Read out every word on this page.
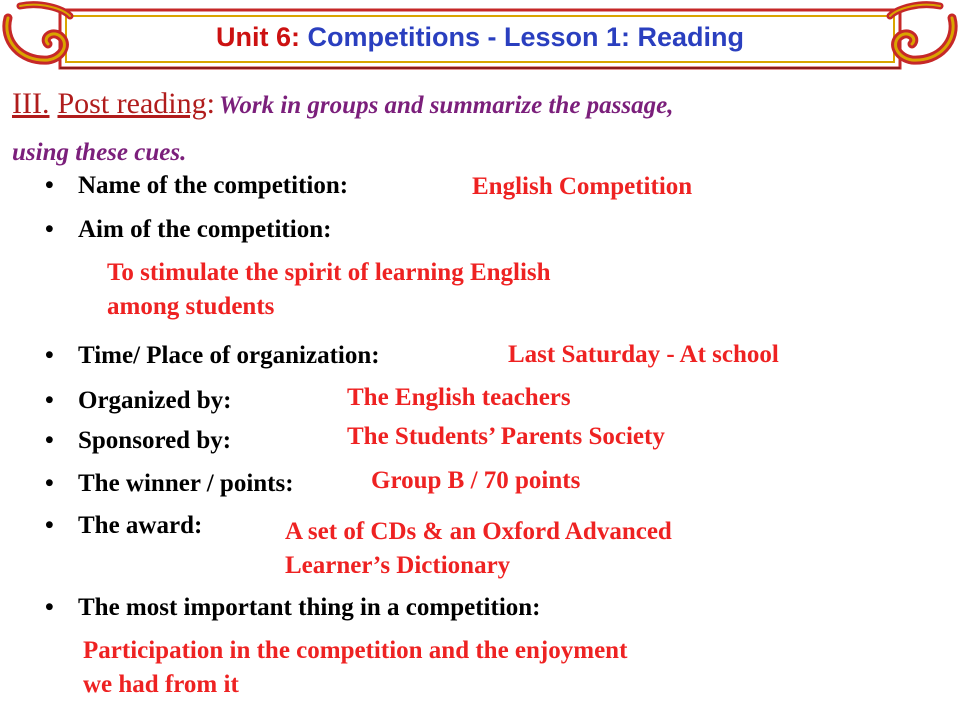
Unit 6: Competitions - Lesson 1: Reading
III. Post reading: Work in groups and summarize the passage,
using these cues.
• Name of the competition:	English Competition
• Aim of the competition:
To stimulate the spirit of learning English
among students
• Time/ Place of organization:	Last Saturday - At school
• Organized by:	The English teachers
• Sponsored by:	The Students’ Parents Society
• The winner / points:	Group B / 70 points
• The award:	A set of CDs & an Oxford Advanced
Learner’s Dictionary
• The most important thing in a competition:
Participation in the competition and the enjoyment
we had from it
